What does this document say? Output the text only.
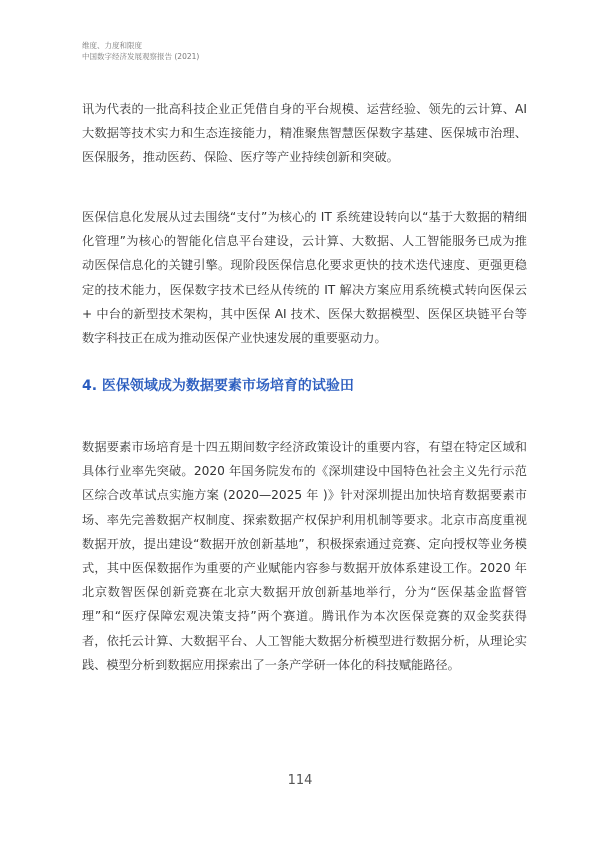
维度、力度和限度
中国数字经济发展观察报告 (2021)

讯为代表的一批高科技企业正凭借自身的平台规模、运营经验、领先的云计算、AI 大数据等技术实力和生态连接能力，精准聚焦智慧医保数字基建、医保城市治理、医保服务，推动医药、保险、医疗等产业持续创新和突破。

医保信息化发展从过去围绕“支付”为核心的 IT 系统建设转向以“基于大数据的精细化管理”为核心的智能化信息平台建设，云计算、大数据、人工智能服务已成为推动医保信息化的关键引擎。现阶段医保信息化要求更快的技术迭代速度、更强更稳定的技术能力，医保数字技术已经从传统的 IT 解决方案应用系统模式转向医保云 + 中台的新型技术架构，其中医保 AI 技术、医保大数据模型、医保区块链平台等数字科技正在成为推动医保产业快速发展的重要驱动力。

4. 医保领域成为数据要素市场培育的试验田

数据要素市场培育是十四五期间数字经济政策设计的重要内容，有望在特定区域和具体行业率先突破。2020 年国务院发布的《深圳建设中国特色社会主义先行示范区综合改革试点实施方案 (2020—2025 年 )》针对深圳提出加快培育数据要素市场、率先完善数据产权制度、探索数据产权保护利用机制等要求。北京市高度重视数据开放，提出建设“数据开放创新基地”，积极探索通过竞赛、定向授权等业务模式，其中医保数据作为重要的产业赋能内容参与数据开放体系建设工作。2020 年北京数智医保创新竞赛在北京大数据开放创新基地举行，分为“医保基金监督管理”和“医疗保障宏观决策支持”两个赛道。腾讯作为本次医保竞赛的双金奖获得者，依托云计算、大数据平台、人工智能大数据分析模型进行数据分析，从理论实践、模型分析到数据应用探索出了一条产学研一体化的科技赋能路径。

114
